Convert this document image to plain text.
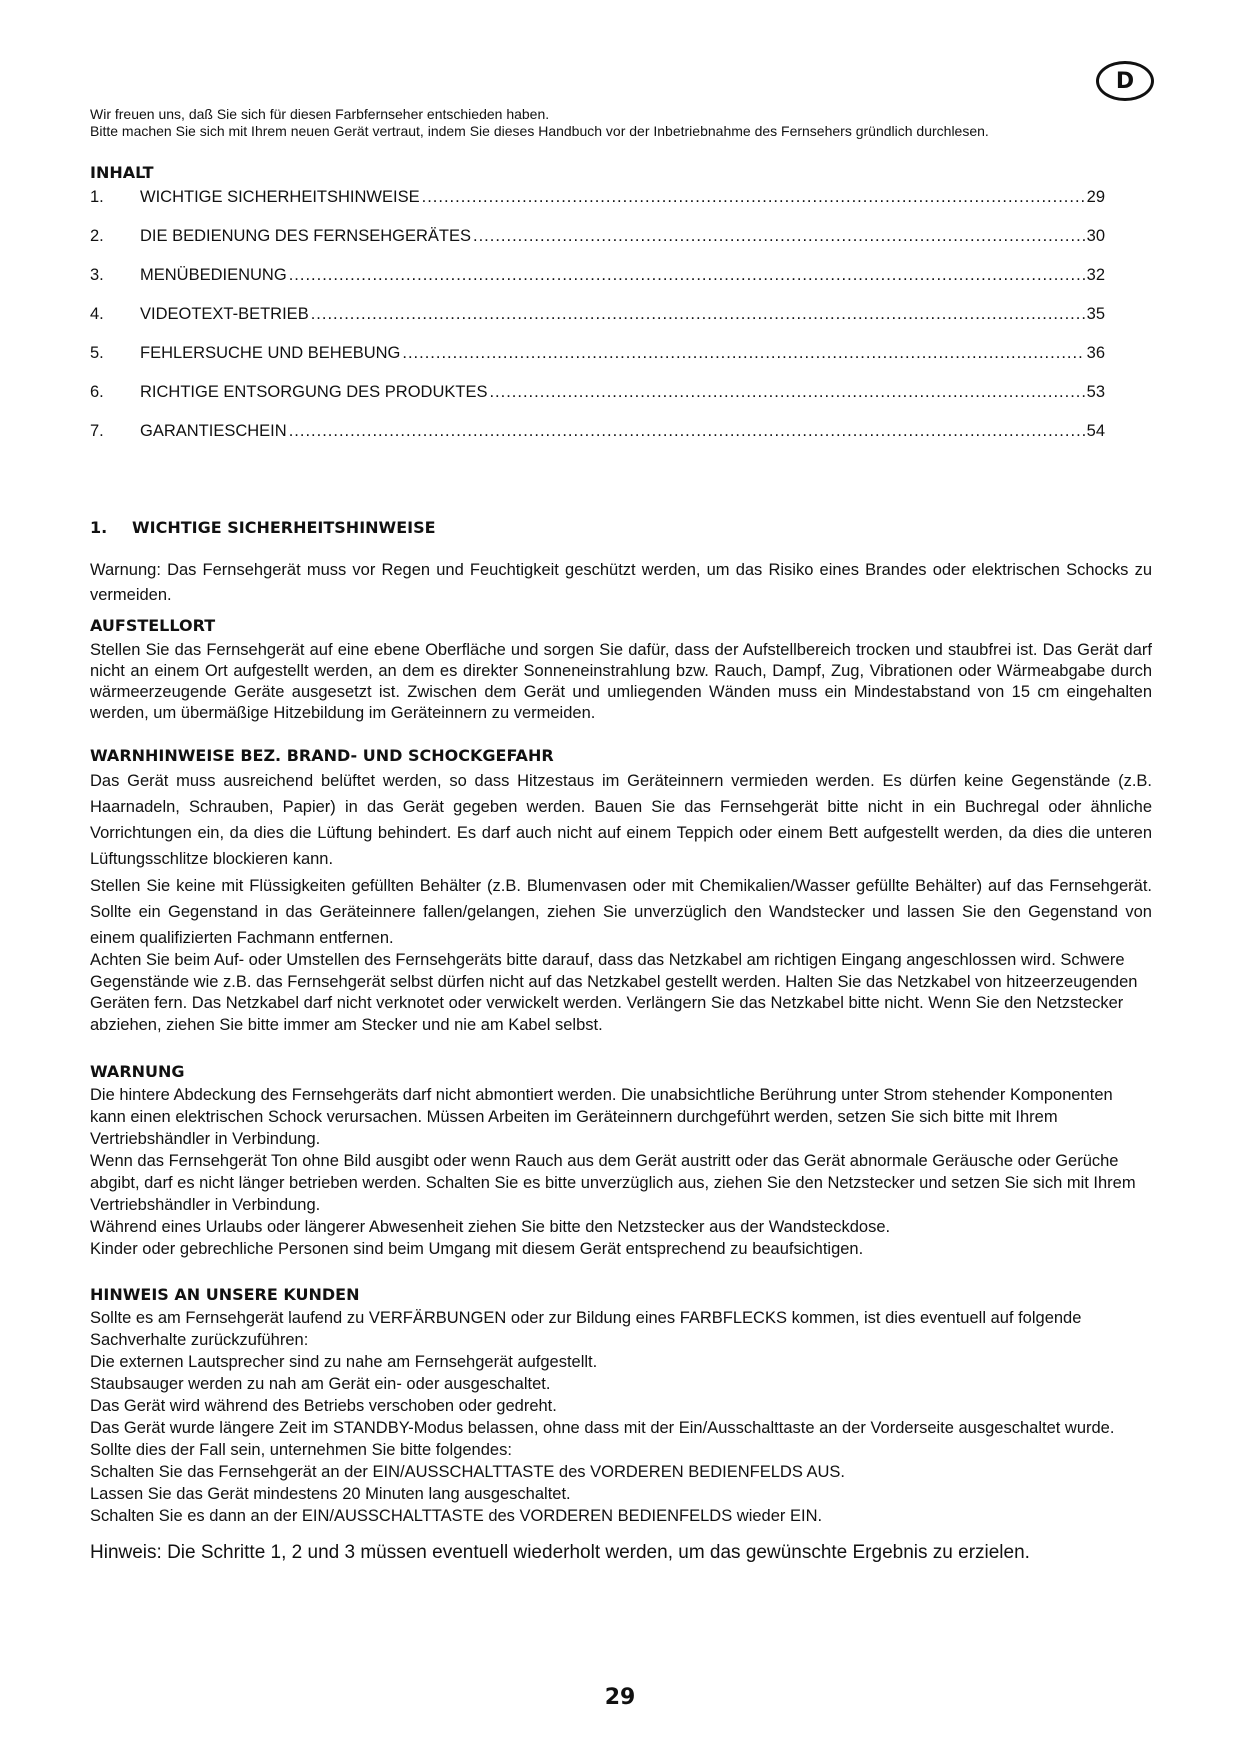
D

Wir freuen uns, daß Sie sich für diesen Farbfernseher entschieden haben.

Bitte machen Sie sich mit Ihrem neuen Gerät vertraut, indem Sie dieses Handbuch vor der Inbetriebnahme des Fernsehers gründlich durchlesen.

INHALT
1.	WICHTIGE SICHERHEITSHINWEISE .....	29
2.	DIE BEDIENUNG DES FERNSEHGERÄTES .....	30
3.	MENÜBEDIENUNG .....	32
4.	VIDEOTEXT-BETRIEB .....	35
5.	FEHLERSUCHE UND BEHEBUNG .....	36
6.	RICHTIGE ENTSORGUNG DES PRODUKTES .....	53
7.	GARANTIESCHEIN .....	54
1. WICHTIGE SICHERHEITSHINWEISE

Warnung: Das Fernsehgerät muss vor Regen und Feuchtigkeit geschützt werden, um das Risiko eines Brandes oder elektrischen Schocks zu vermeiden.

AUFSTELLORT

Stellen Sie das Fernsehgerät auf eine ebene Oberfläche und sorgen Sie dafür, dass der Aufstellbereich trocken und staubfrei ist. Das Gerät darf nicht an einem Ort aufgestellt werden, an dem es direkter Sonneneinstrahlung bzw. Rauch, Dampf, Zug, Vibrationen oder Wärmeabgabe durch wärmeerzeugende Geräte ausgesetzt ist. Zwischen dem Gerät und umliegenden Wänden muss ein Mindestabstand von 15 cm eingehalten werden, um übermäßige Hitzebildung im Geräteinnern zu vermeiden.

WARNHINWEISE BEZ. BRAND- UND SCHOCKGEFAHR

Das Gerät muss ausreichend belüftet werden, so dass Hitzestaus im Geräteinnern vermieden werden. Es dürfen keine Gegenstände (z.B. Haarnadeln, Schrauben, Papier) in das Gerät gegeben werden. Bauen Sie das Fernsehgerät bitte nicht in ein Buchregal oder ähnliche Vorrichtungen ein, da dies die Lüftung behindert. Es darf auch nicht auf einem Teppich oder einem Bett aufgestellt werden, da dies die unteren Lüftungsschlitze blockieren kann.

Stellen Sie keine mit Flüssigkeiten gefüllten Behälter (z.B. Blumenvasen oder mit Chemikalien/Wasser gefüllte Behälter) auf das Fernsehgerät. Sollte ein Gegenstand in das Geräteinnere fallen/gelangen, ziehen Sie unverzüglich den Wandstecker und lassen Sie den Gegenstand von einem qualifizierten Fachmann entfernen.

Achten Sie beim Auf- oder Umstellen des Fernsehgeräts bitte darauf, dass das Netzkabel am richtigen Eingang angeschlossen wird. Schwere Gegenstände wie z.B. das Fernsehgerät selbst dürfen nicht auf das Netzkabel gestellt werden. Halten Sie das Netzkabel von hitzeerzeugenden Geräten fern. Das Netzkabel darf nicht verknotet oder verwickelt werden. Verlängern Sie das Netzkabel bitte nicht. Wenn Sie den Netzstecker abziehen, ziehen Sie bitte immer am Stecker und nie am Kabel selbst.

WARNUNG

Die hintere Abdeckung des Fernsehgeräts darf nicht abmontiert werden. Die unabsichtliche Berührung unter Strom stehender Komponenten kann einen elektrischen Schock verursachen. Müssen Arbeiten im Geräteinnern durchgeführt werden, setzen Sie sich bitte mit Ihrem Vertriebshändler in Verbindung.

Wenn das Fernsehgerät Ton ohne Bild ausgibt oder wenn Rauch aus dem Gerät austritt oder das Gerät abnormale Geräusche oder Gerüche abgibt, darf es nicht länger betrieben werden. Schalten Sie es bitte unverzüglich aus, ziehen Sie den Netzstecker und setzen Sie sich mit Ihrem Vertriebshändler in Verbindung.

Während eines Urlaubs oder längerer Abwesenheit ziehen Sie bitte den Netzstecker aus der Wandsteckdose.

Kinder oder gebrechliche Personen sind beim Umgang mit diesem Gerät entsprechend zu beaufsichtigen.

HINWEIS AN UNSERE KUNDEN

Sollte es am Fernsehgerät laufend zu VERFÄRBUNGEN oder zur Bildung eines FARBFLECKS kommen, ist dies eventuell auf folgende Sachverhalte zurückzuführen:

Die externen Lautsprecher sind zu nahe am Fernsehgerät aufgestellt.

Staubsauger werden zu nah am Gerät ein- oder ausgeschaltet.

Das Gerät wird während des Betriebs verschoben oder gedreht.

Das Gerät wurde längere Zeit im STANDBY-Modus belassen, ohne dass mit der Ein/Ausschalttaste an der Vorderseite ausgeschaltet wurde. Sollte dies der Fall sein, unternehmen Sie bitte folgendes:

Schalten Sie das Fernsehgerät an der EIN/AUSSCHALTTASTE des VORDEREN BEDIENFELDS AUS.

Lassen Sie das Gerät mindestens 20 Minuten lang ausgeschaltet.

Schalten Sie es dann an der EIN/AUSSCHALTTASTE des VORDEREN BEDIENFELDS wieder EIN.

Hinweis: Die Schritte 1, 2 und 3 müssen eventuell wiederholt werden, um das gewünschte Ergebnis zu erzielen.

29
